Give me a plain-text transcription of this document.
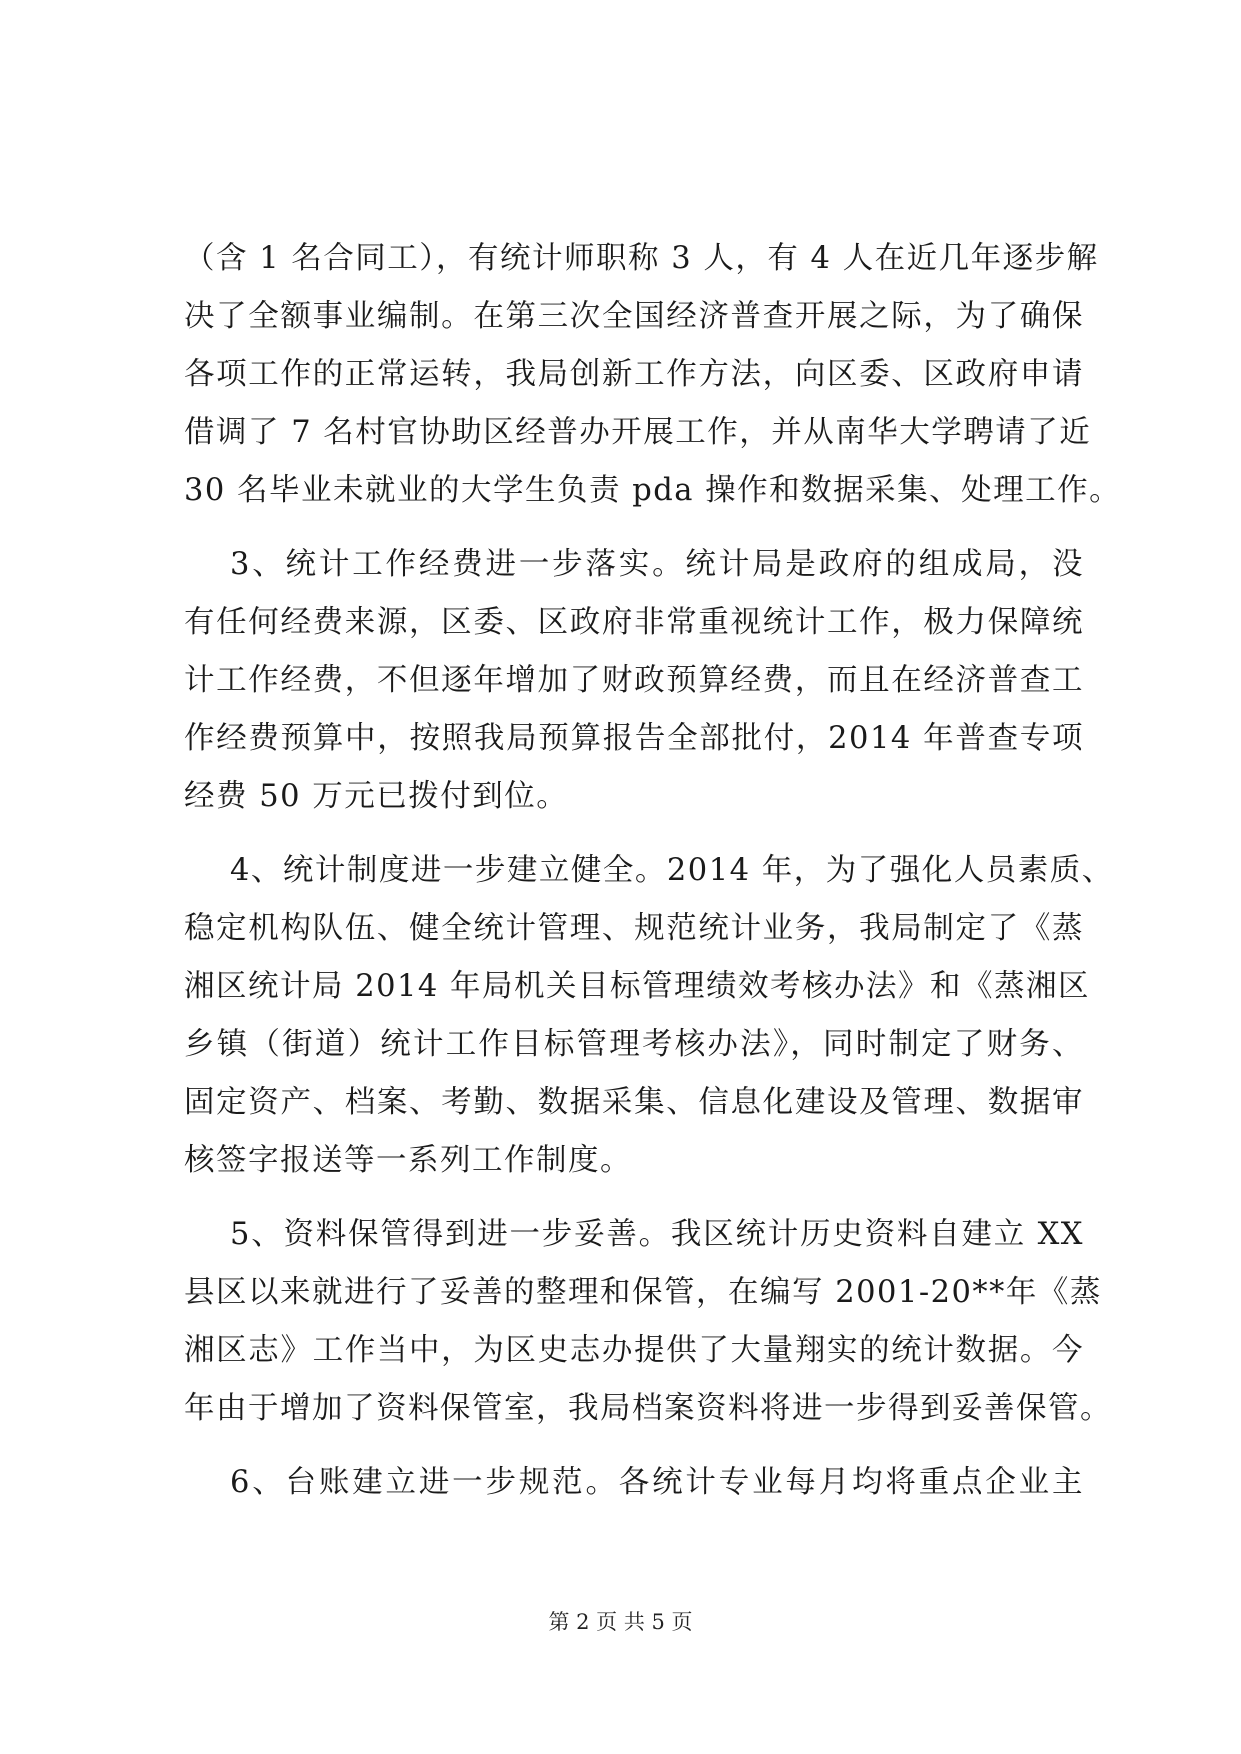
（含 1 名合同工），有统计师职称 3 人，有 4 人在近几年逐步解
决了全额事业编制。在第三次全国经济普查开展之际，为了确保
各项工作的正常运转，我局创新工作方法，向区委、区政府申请
借调了 7 名村官协助区经普办开展工作，并从南华大学聘请了近
30 名毕业未就业的大学生负责 pda 操作和数据采集、处理工作。
3、统计工作经费进一步落实。统计局是政府的组成局，没
有任何经费来源，区委、区政府非常重视统计工作，极力保障统
计工作经费，不但逐年增加了财政预算经费，而且在经济普查工
作经费预算中，按照我局预算报告全部批付，2014 年普查专项
经费 50 万元已拨付到位。
4、统计制度进一步建立健全。2014 年，为了强化人员素质、
稳定机构队伍、健全统计管理、规范统计业务，我局制定了《蒸
湘区统计局 2014 年局机关目标管理绩效考核办法》和《蒸湘区
乡镇（街道）统计工作目标管理考核办法》，同时制定了财务、
固定资产、档案、考勤、数据采集、信息化建设及管理、数据审
核签字报送等一系列工作制度。
5、资料保管得到进一步妥善。我区统计历史资料自建立 XX
县区以来就进行了妥善的整理和保管，在编写 2001-20**年《蒸
湘区志》工作当中，为区史志办提供了大量翔实的统计数据。今
年由于增加了资料保管室，我局档案资料将进一步得到妥善保管。
6、台账建立进一步规范。各统计专业每月均将重点企业主
第 2 页 共 5 页
